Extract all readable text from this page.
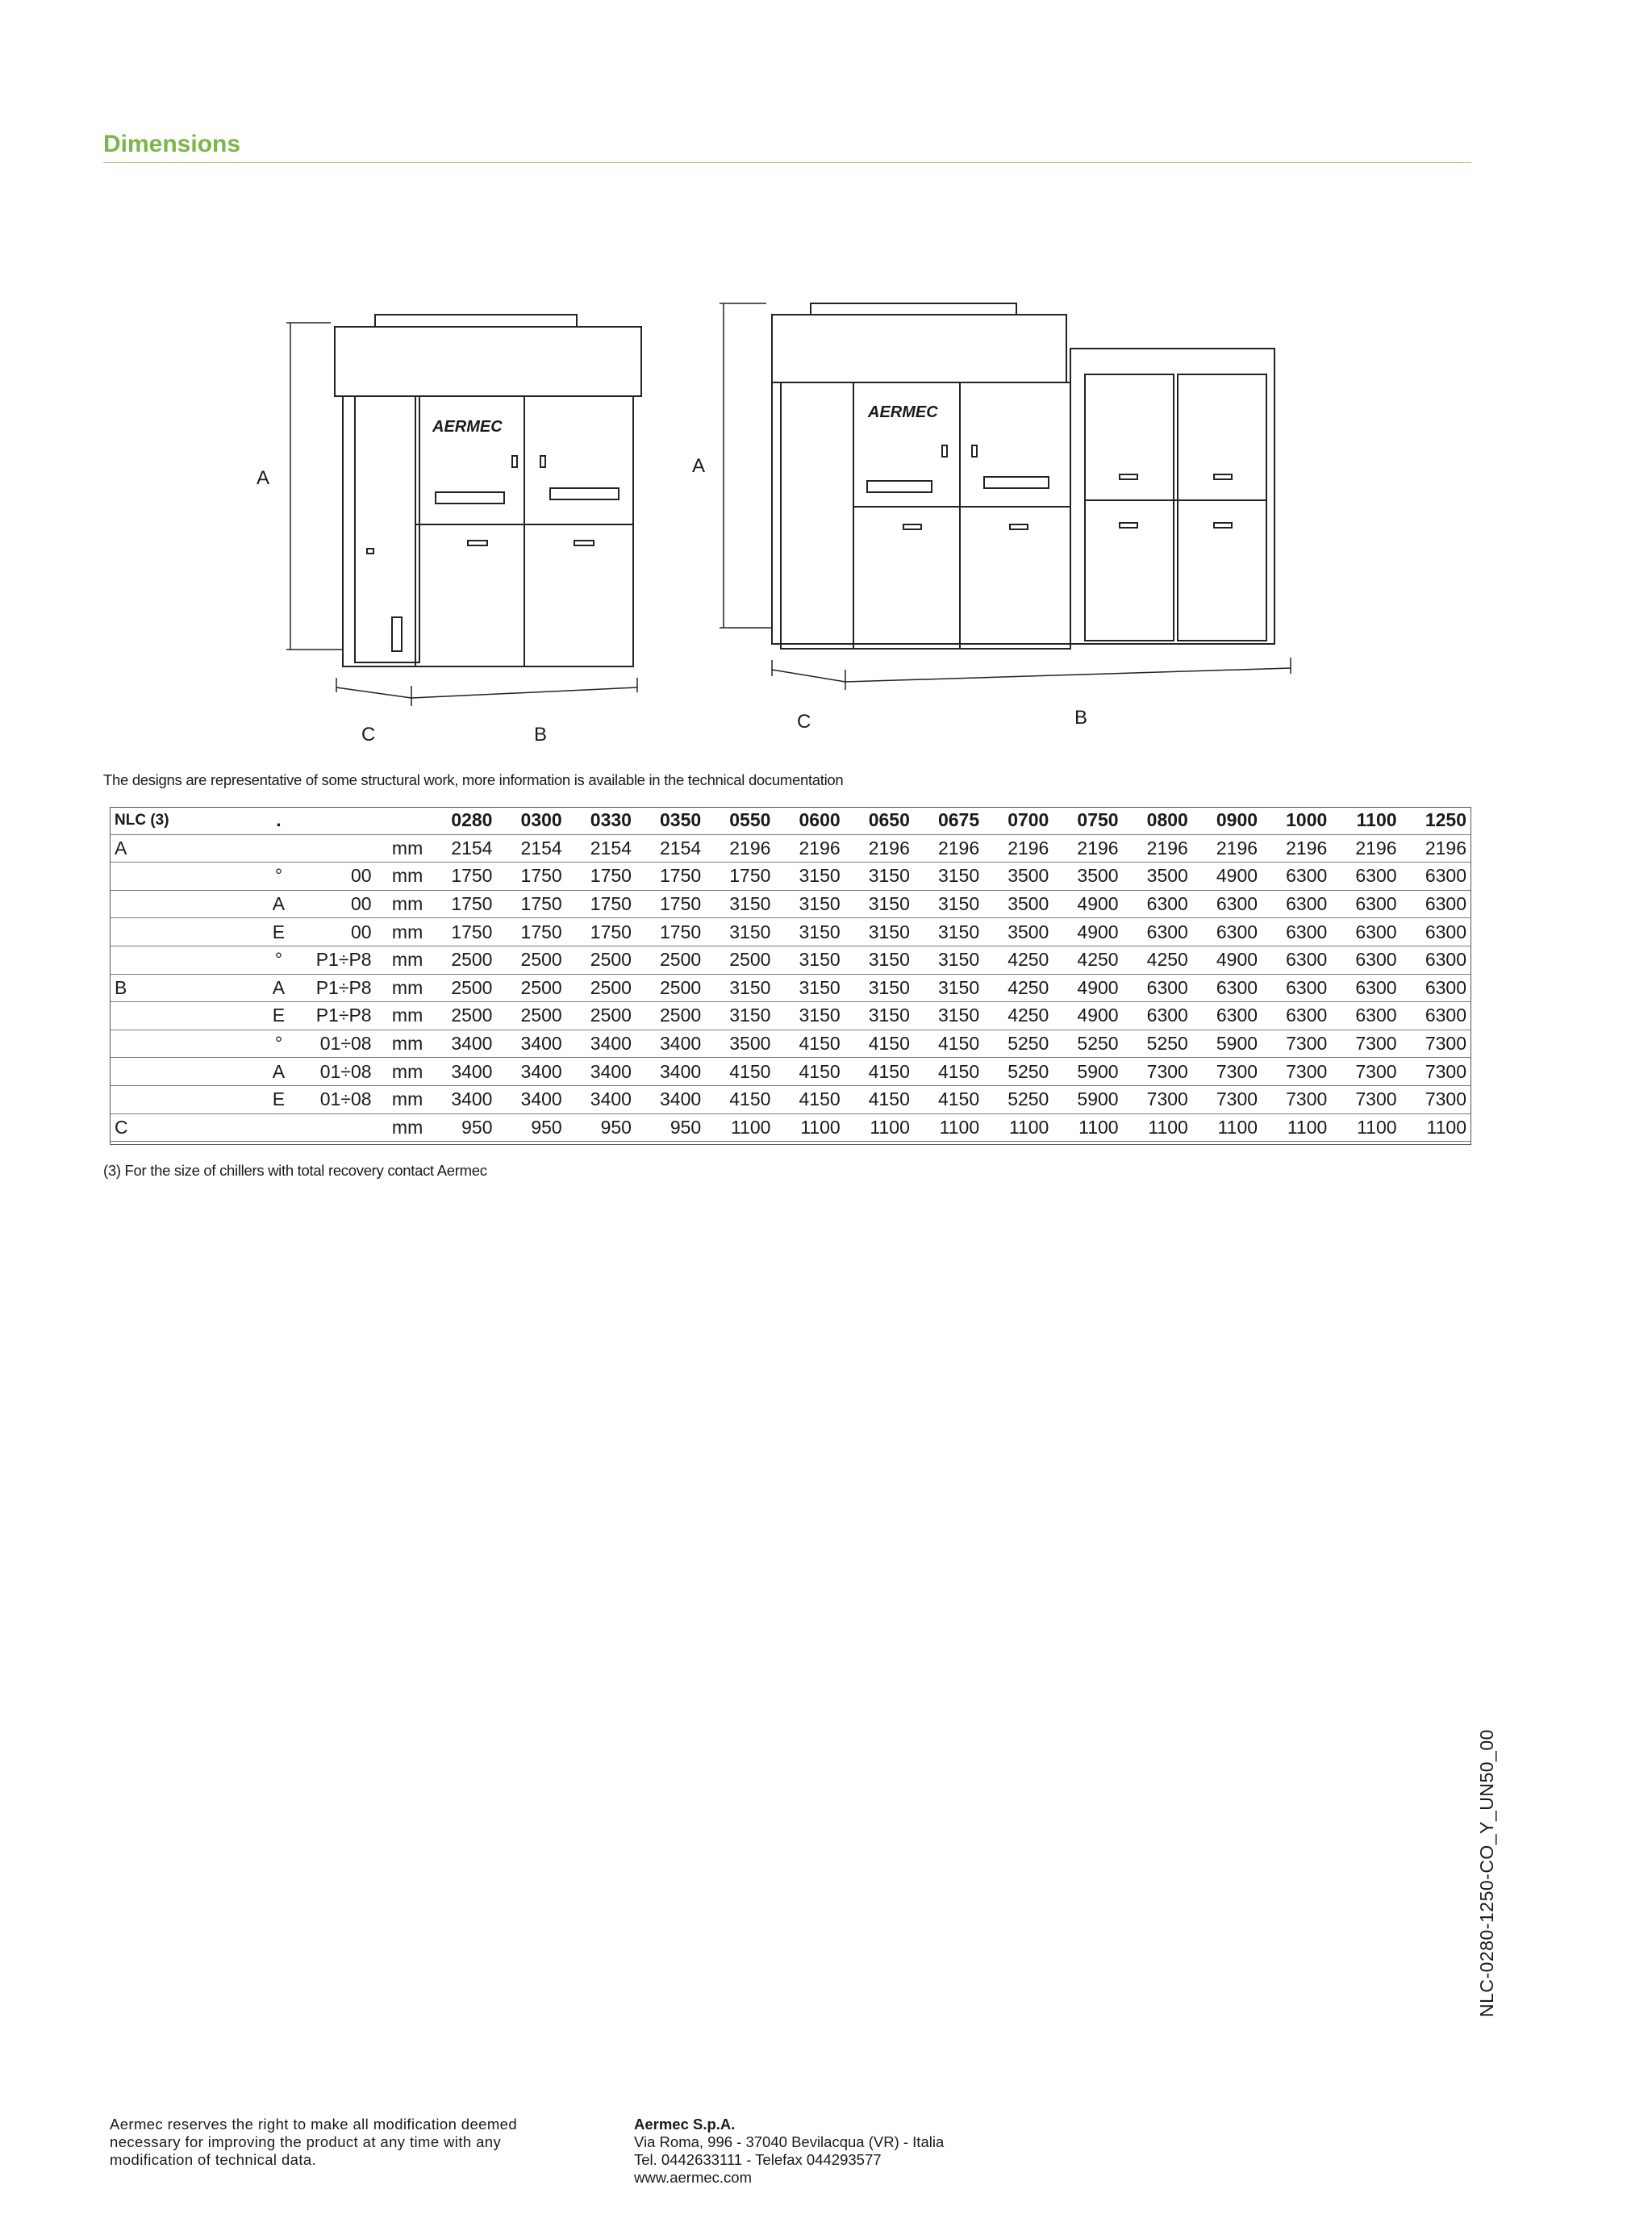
Dimensions
AERMEC
A
C	B
AERMEC
A
C	B
The designs are representative of some structural work, more information is available in the technical documentation
NLC (3)	.			0280	0300	0330	0350	0550	0600	0650	0675	0700	0750	0800	0900	1000	1100	1250
A			mm	2154	2154	2154	2154	2196	2196	2196	2196	2196	2196	2196	2196	2196	2196	2196
	°	00	mm	1750	1750	1750	1750	1750	3150	3150	3150	3500	3500	3500	4900	6300	6300	6300
	A	00	mm	1750	1750	1750	1750	3150	3150	3150	3150	3500	4900	6300	6300	6300	6300	6300
	E	00	mm	1750	1750	1750	1750	3150	3150	3150	3150	3500	4900	6300	6300	6300	6300	6300
	°	P1÷P8	mm	2500	2500	2500	2500	2500	3150	3150	3150	4250	4250	4250	4900	6300	6300	6300
B	A	P1÷P8	mm	2500	2500	2500	2500	3150	3150	3150	3150	4250	4900	6300	6300	6300	6300	6300
	E	P1÷P8	mm	2500	2500	2500	2500	3150	3150	3150	3150	4250	4900	6300	6300	6300	6300	6300
	°	01÷08	mm	3400	3400	3400	3400	3500	4150	4150	4150	5250	5250	5250	5900	7300	7300	7300
	A	01÷08	mm	3400	3400	3400	3400	4150	4150	4150	4150	5250	5900	7300	7300	7300	7300	7300
	E	01÷08	mm	3400	3400	3400	3400	4150	4150	4150	4150	5250	5900	7300	7300	7300	7300	7300
C			mm	950	950	950	950	1100	1100	1100	1100	1100	1100	1100	1100	1100	1100	1100
(3) For the size of chillers with total recovery contact Aermec
NLC-0280-1250-CO_Y_UN50_00
Aermec reserves the right to make all modification deemed
necessary for improving the product at any time with any
modification of technical data.
Aermec S.p.A.
Via Roma, 996 - 37040 Bevilacqua (VR) - Italia
Tel. 0442633111 - Telefax 044293577
www.aermec.com
